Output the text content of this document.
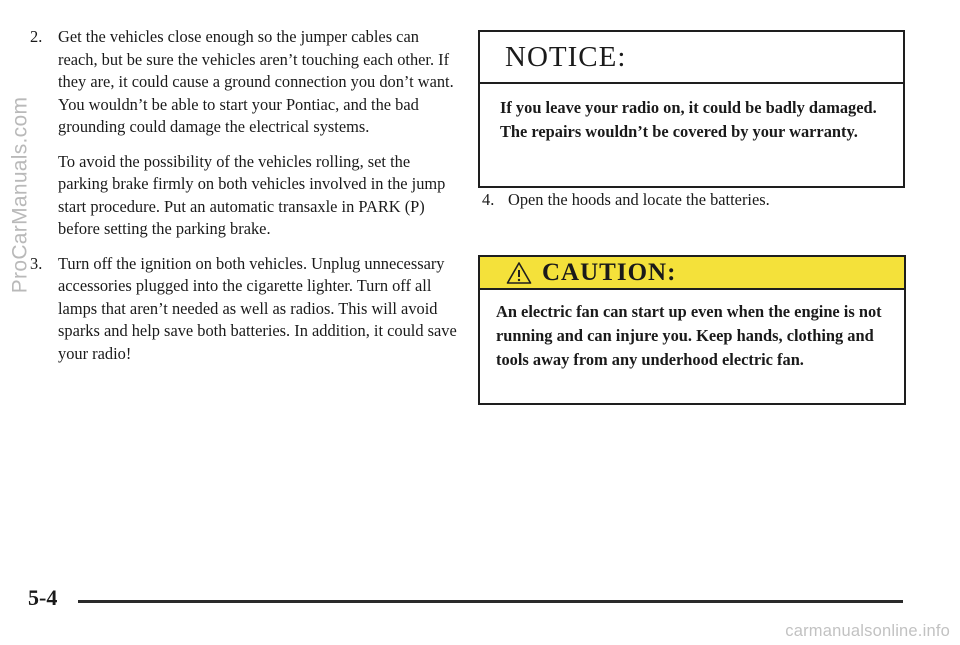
ProCarManuals.com
2. Get the vehicles close enough so the jumper cables can reach, but be sure the vehicles aren’t touching each other. If they are, it could cause a ground connection you don’t want. You wouldn’t be able to start your Pontiac, and the bad grounding could damage the electrical systems.

To avoid the possibility of the vehicles rolling, set the parking brake firmly on both vehicles involved in the jump start procedure. Put an automatic transaxle in PARK (P) before setting the parking brake.

3. Turn off the ignition on both vehicles. Unplug unnecessary accessories plugged into the cigarette lighter. Turn off all lamps that aren’t needed as well as radios. This will avoid sparks and help save both batteries. In addition, it could save your radio!
NOTICE:
If you leave your radio on, it could be badly damaged. The repairs wouldn’t be covered by your warranty.
4. Open the hoods and locate the batteries.
CAUTION:
An electric fan can start up even when the engine is not running and can injure you. Keep hands, clothing and tools away from any underhood electric fan.
5-4
carmanualsonline.info
